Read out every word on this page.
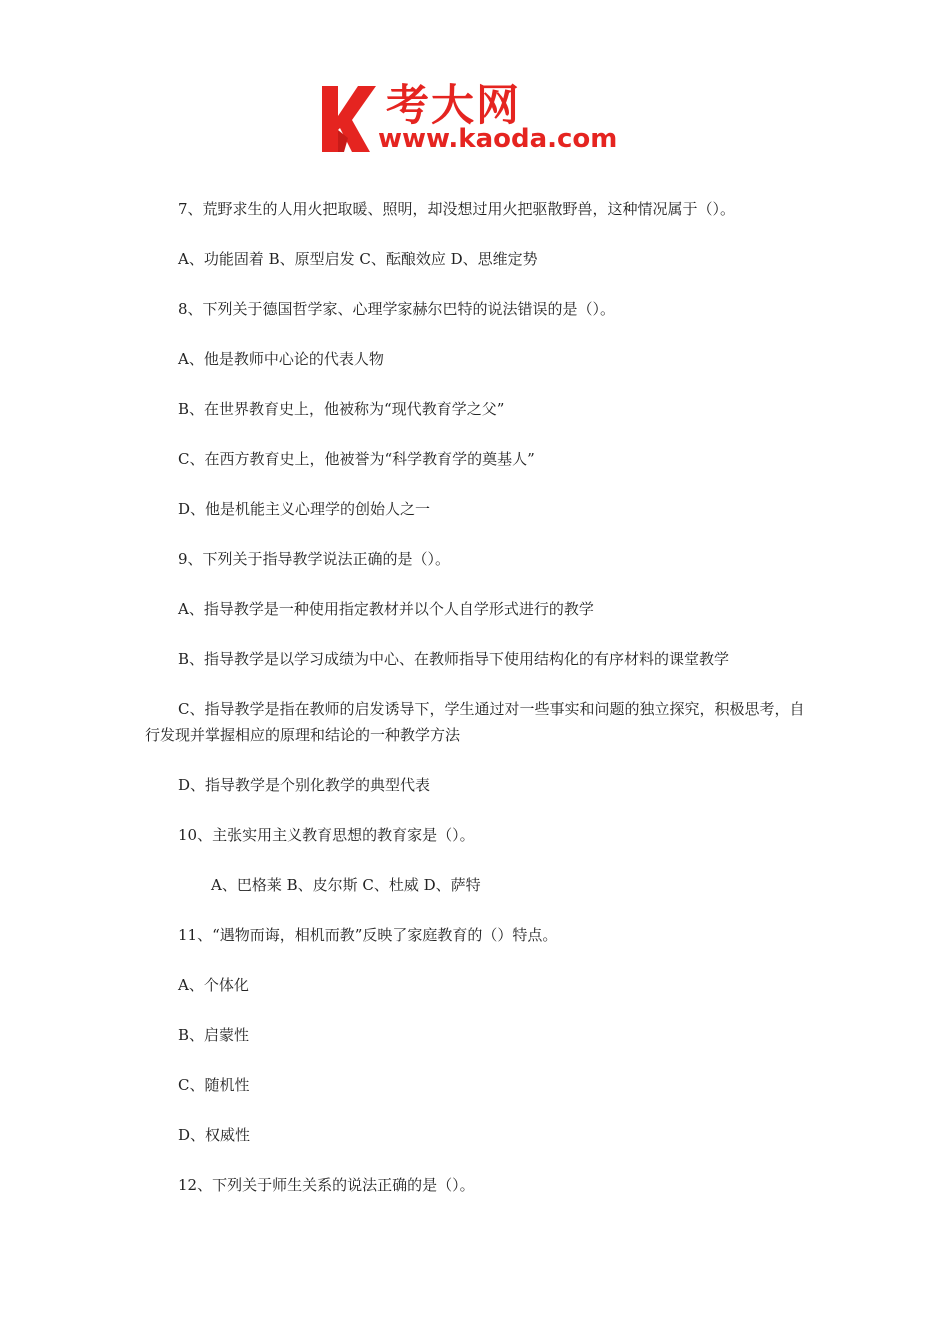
考大网
www.kaoda.com

7、荒野求生的人用火把取暖、照明，却没想过用火把驱散野兽，这种情况属于（）。

A、功能固着 B、原型启发 C、酝酿效应 D、思维定势

8、下列关于德国哲学家、心理学家赫尔巴特的说法错误的是（）。

A、他是教师中心论的代表人物

B、在世界教育史上，他被称为“现代教育学之父”

C、在西方教育史上，他被誉为“科学教育学的奠基人”

D、他是机能主义心理学的创始人之一

9、下列关于指导教学说法正确的是（）。

A、指导教学是一种使用指定教材并以个人自学形式进行的教学

B、指导教学是以学习成绩为中心、在教师指导下使用结构化的有序材料的课堂教学

C、指导教学是指在教师的启发诱导下，学生通过对一些事实和问题的独立探究，积极思考，自行发现并掌握相应的原理和结论的一种教学方法

D、指导教学是个别化教学的典型代表

10、主张实用主义教育思想的教育家是（）。

A、巴格莱 B、皮尔斯 C、杜威 D、萨特

11、“遇物而诲，相机而教”反映了家庭教育的（）特点。

A、个体化

B、启蒙性

C、随机性

D、权威性

12、下列关于师生关系的说法正确的是（）。
